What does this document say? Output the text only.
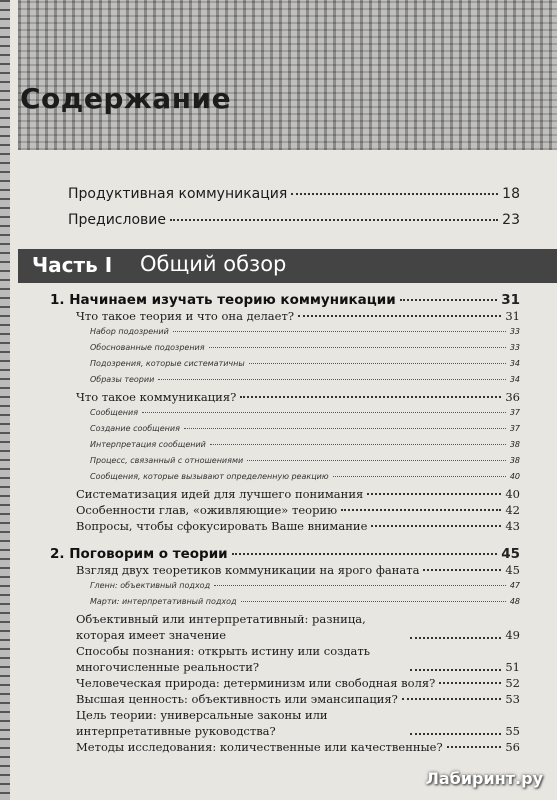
Содержание
Продуктивная коммуникация	18
Предисловие	23
Часть I Общий обзор
1. Начинаем изучать теорию коммуникации	31
Что такое теория и что она делает?	31
Набор подозрений	33
Обоснованные подозрения	33
Подозрения, которые систематичны	34
Образы теории	34
Что такое коммуникация?	36
Сообщения	37
Создание сообщения	37
Интерпретация сообщений	38
Процесс, связанный с отношениями	38
Сообщения, которые вызывают определенную реакцию	40
Систематизация идей для лучшего понимания	40
Особенности глав, «оживляющие» теорию	42
Вопросы, чтобы сфокусировать Ваше внимание	43
2. Поговорим о теории	45
Взгляд двух теоретиков коммуникации на ярого фаната	45
Гленн: объективный подход	47
Марти: интерпретативный подход	48
Объективный или интерпретативный: разница, которая имеет значение	49
Способы познания: открыть истину или создать многочисленные реальности?	51
Человеческая природа: детерминизм или свободная воля?	52
Высшая ценность: объективность или эмансипация?	53
Цель теории: универсальные законы или интерпретативные руководства?	55
Методы исследования: количественные или качественные?	56
Лабиринт.ру
